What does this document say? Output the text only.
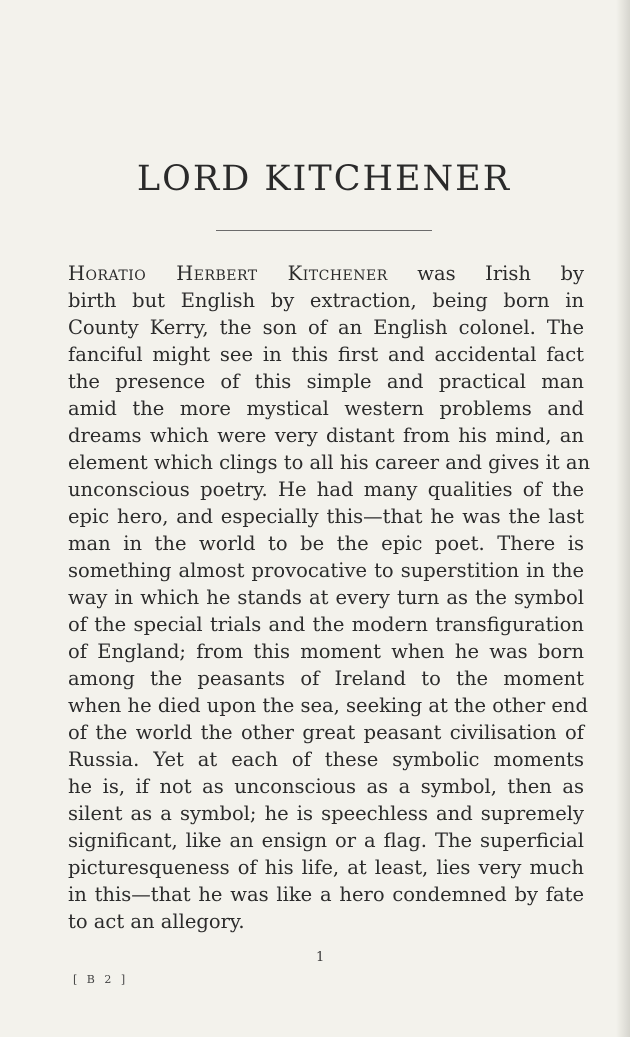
LORD KITCHENER
Horatio Herbert Kitchener was Irish by
birth but English by extraction, being born in
County Kerry, the son of an English colonel. The
fanciful might see in this first and accidental fact
the presence of this simple and practical man
amid the more mystical western problems and
dreams which were very distant from his mind, an
element which clings to all his career and gives it an
unconscious poetry. He had many qualities of the
epic hero, and especially this—that he was the last
man in the world to be the epic poet. There is
something almost provocative to superstition in the
way in which he stands at every turn as the symbol
of the special trials and the modern transfiguration
of England; from this moment when he was born
among the peasants of Ireland to the moment
when he died upon the sea, seeking at the other end
of the world the other great peasant civilisation of
Russia. Yet at each of these symbolic moments
he is, if not as unconscious as a symbol, then as
silent as a symbol; he is speechless and supremely
significant, like an ensign or a flag. The superficial
picturesqueness of his life, at least, lies very much
in this—that he was like a hero condemned by fate
to act an allegory.
1
[ B 2 ]
